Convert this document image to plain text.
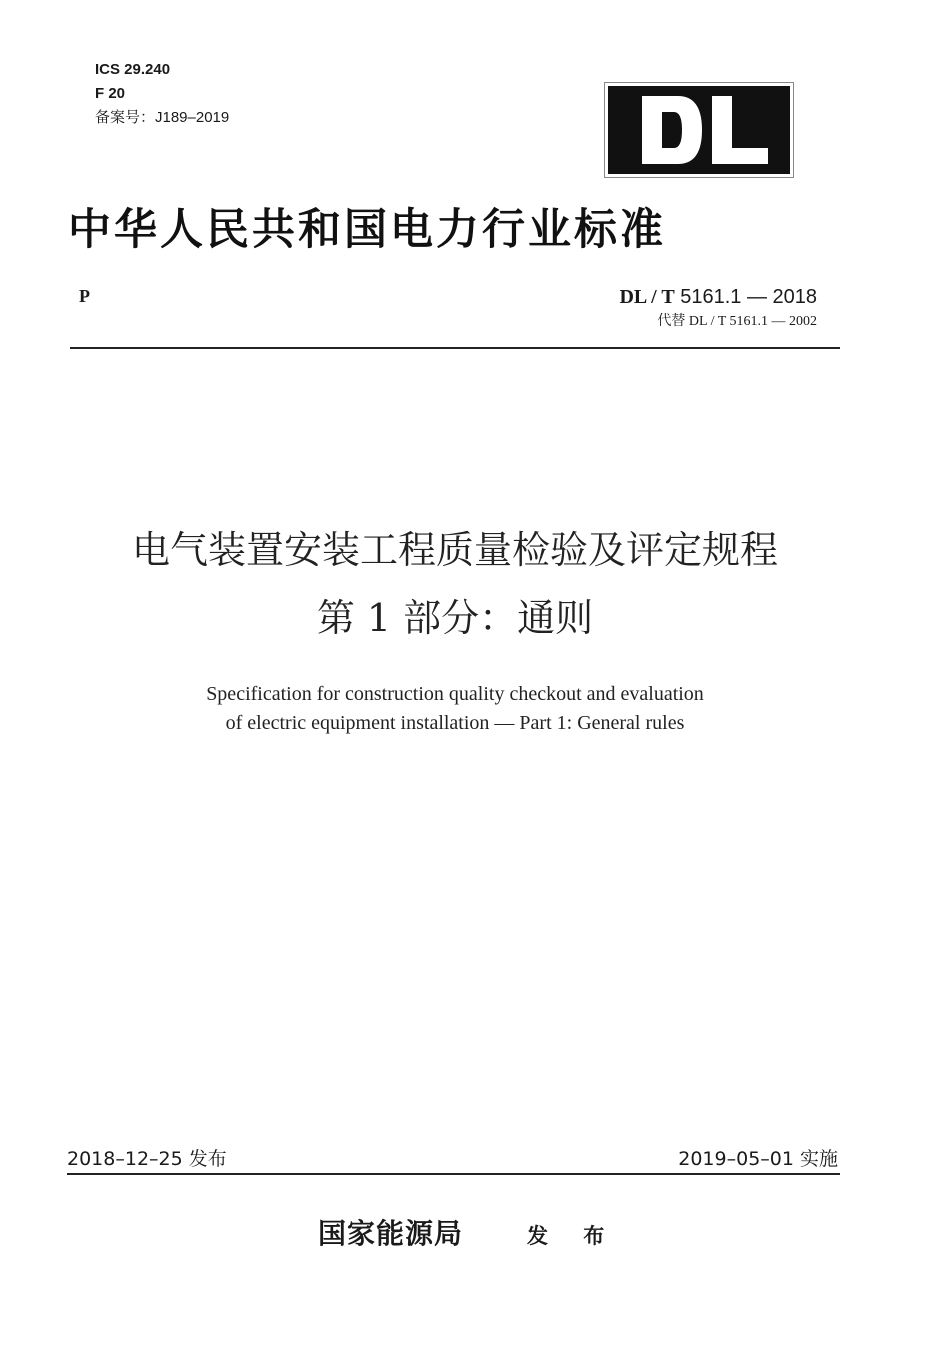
ICS 29.240
F 20
备案号：J189–2019
中华人民共和国电力行业标准
P	DL / T 5161.1 — 2018
代替 DL / T 5161.1 — 2002
电气装置安装工程质量检验及评定规程
第 1 部分：通则
Specification for construction quality checkout and evaluation
of electric equipment installation — Part 1: General rules
2018–12–25 发布	2019–05–01 实施
国家能源局	发 布
